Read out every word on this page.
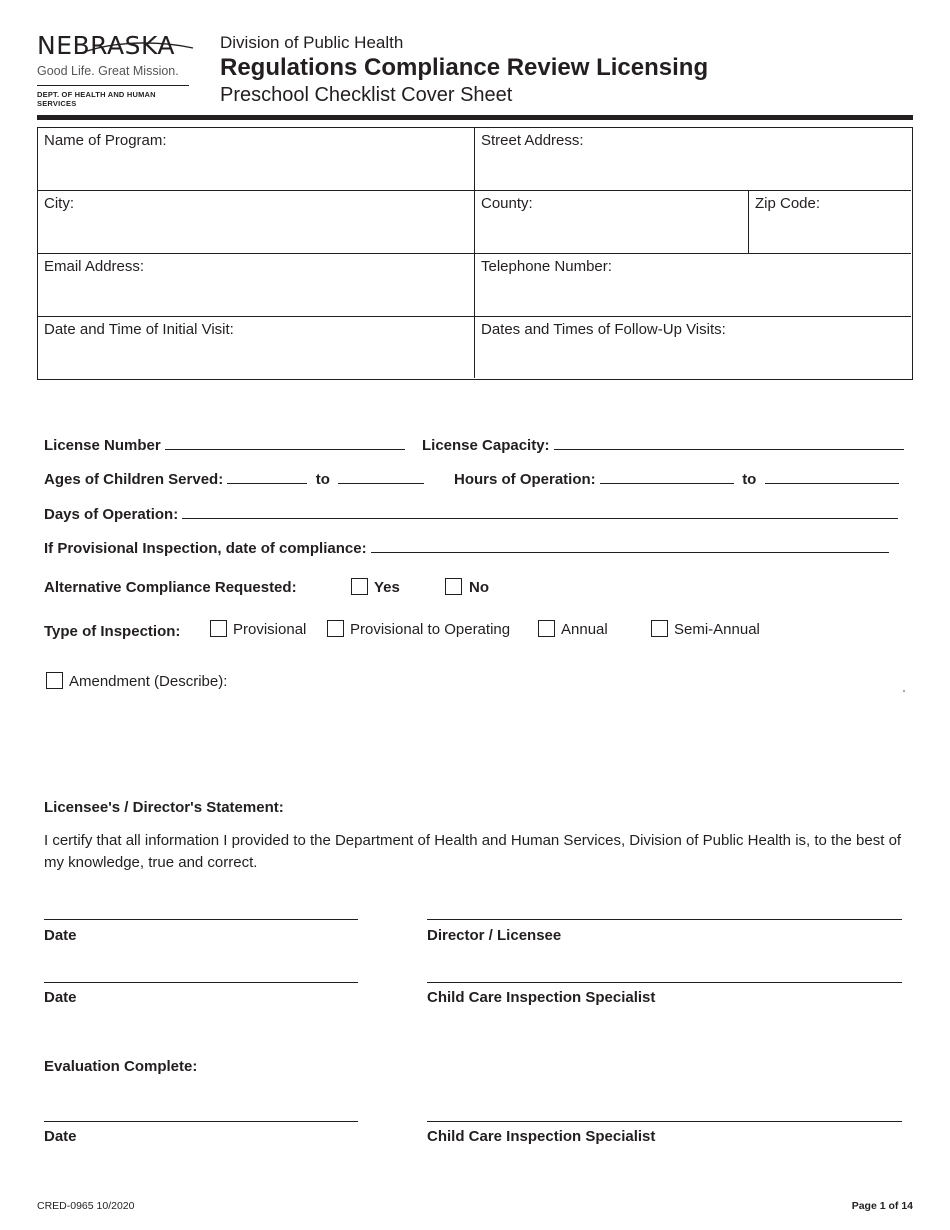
NEBRASKA
Good Life. Great Mission.
DEPT. OF HEALTH AND HUMAN SERVICES
Division of Public Health
Regulations Compliance Review Licensing
Preschool Checklist Cover Sheet
Name of Program:	Street Address:
City:	County:	Zip Code:
Email Address:	Telephone Number:
Date and Time of Initial Visit:	Dates and Times of Follow-Up Visits:
License Number	License Capacity:
Ages of Children Served:	to	Hours of Operation:	to
Days of Operation:
If Provisional Inspection, date of compliance:
Alternative Compliance Requested:	Yes	No
Type of Inspection:	Provisional	Provisional to Operating	Annual	Semi-Annual
Amendment (Describe):
Licensee's / Director's Statement:
I certify that all information I provided to the Department of Health and Human Services, Division of Public Health is, to the best of my knowledge, true and correct.
Date	Director / Licensee
Date	Child Care Inspection Specialist
Evaluation Complete:
Date	Child Care Inspection Specialist
CRED-0965 10/2020	Page 1 of 14
